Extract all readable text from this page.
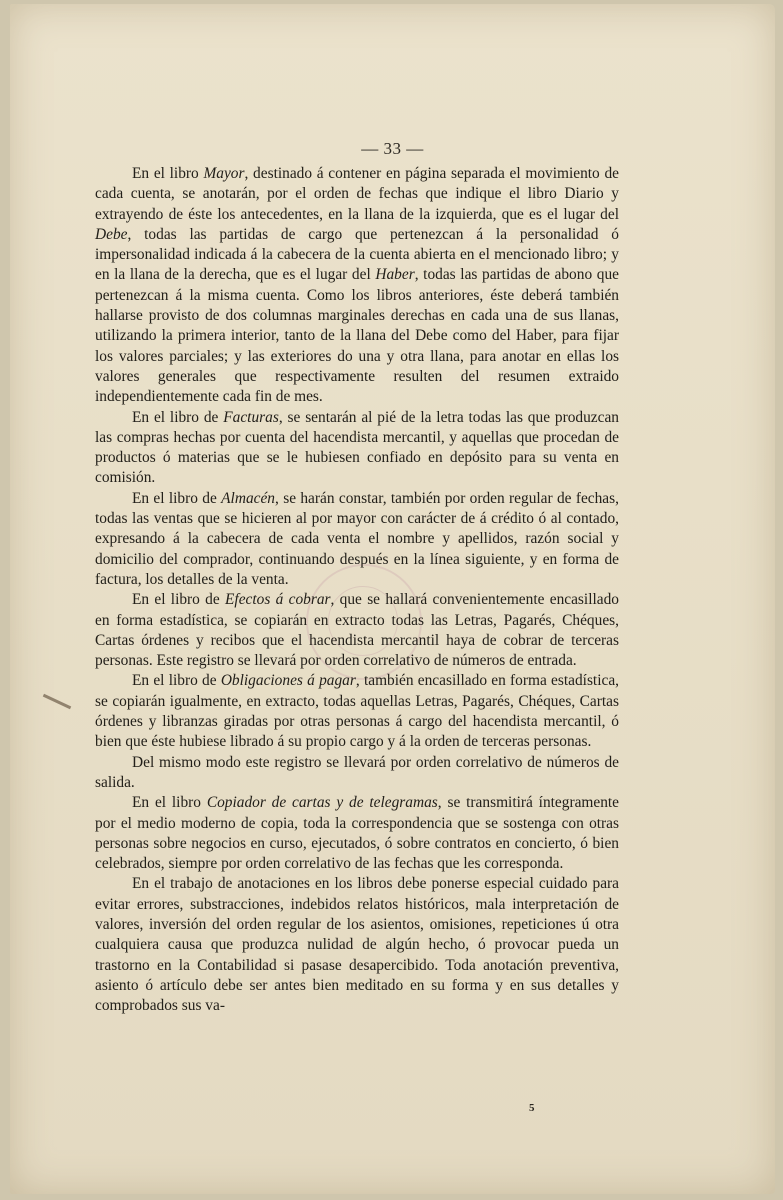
— 33 —

En el libro Mayor, destinado á contener en página separada el movimiento de cada cuenta, se anotarán, por el orden de fechas que indique el libro Diario y extrayendo de éste los antecedentes, en la llana de la izquierda, que es el lugar del Debe, todas las partidas de cargo que pertenezcan á la personalidad ó impersonalidad indicada á la cabecera de la cuenta abierta en el mencionado libro; y en la llana de la derecha, que es el lugar del Haber, todas las partidas de abono que pertenezcan á la misma cuenta. Como los libros anteriores, éste deberá también hallarse provisto de dos columnas marginales derechas en cada una de sus llanas, utilizando la primera interior, tanto de la llana del Debe como del Haber, para fijar los valores parciales; y las exteriores do una y otra llana, para anotar en ellas los valores generales que respectivamente resulten del resumen extraido independientemente cada fin de mes.

En el libro de Facturas, se sentarán al pié de la letra todas las que produzcan las compras hechas por cuenta del hacendista mercantil, y aquellas que procedan de productos ó materias que se le hubiesen confiado en depósito para su venta en comisión.

En el libro de Almacén, se harán constar, también por orden regular de fechas, todas las ventas que se hicieren al por mayor con carácter de á crédito ó al contado, expresando á la cabecera de cada venta el nombre y apellidos, razón social y domicilio del comprador, continuando después en la línea siguiente, y en forma de factura, los detalles de la venta.

En el libro de Efectos á cobrar, que se hallará convenientemente encasillado en forma estadística, se copiarán en extracto todas las Letras, Pagarés, Chéques, Cartas órdenes y recibos que el hacendista mercantil haya de cobrar de terceras personas. Este registro se llevará por orden correlativo de números de entrada.

En el libro de Obligaciones á pagar, también encasillado en forma estadística, se copiarán igualmente, en extracto, todas aquellas Letras, Pagarés, Chéques, Cartas órdenes y libranzas giradas por otras personas á cargo del hacendista mercantil, ó bien que éste hubiese librado á su propio cargo y á la orden de terceras personas.

Del mismo modo este registro se llevará por orden correlativo de números de salida.

En el libro Copiador de cartas y de telegramas, se transmitirá íntegramente por el medio moderno de copia, toda la correspondencia que se sostenga con otras personas sobre negocios en curso, ejecutados, ó sobre contratos en concierto, ó bien celebrados, siempre por orden correlativo de las fechas que les corresponda.

En el trabajo de anotaciones en los libros debe ponerse especial cuidado para evitar errores, substracciones, indebidos relatos históricos, mala interpretación de valores, inversión del orden regular de los asientos, omisiones, repeticiones ú otra cualquiera causa que produzca nulidad de algún hecho, ó provocar pueda un trastorno en la Contabilidad si pasase desapercibido. Toda anotación preventiva, asiento ó artículo debe ser antes bien meditado en su forma y en sus detalles y comprobados sus va-

5
